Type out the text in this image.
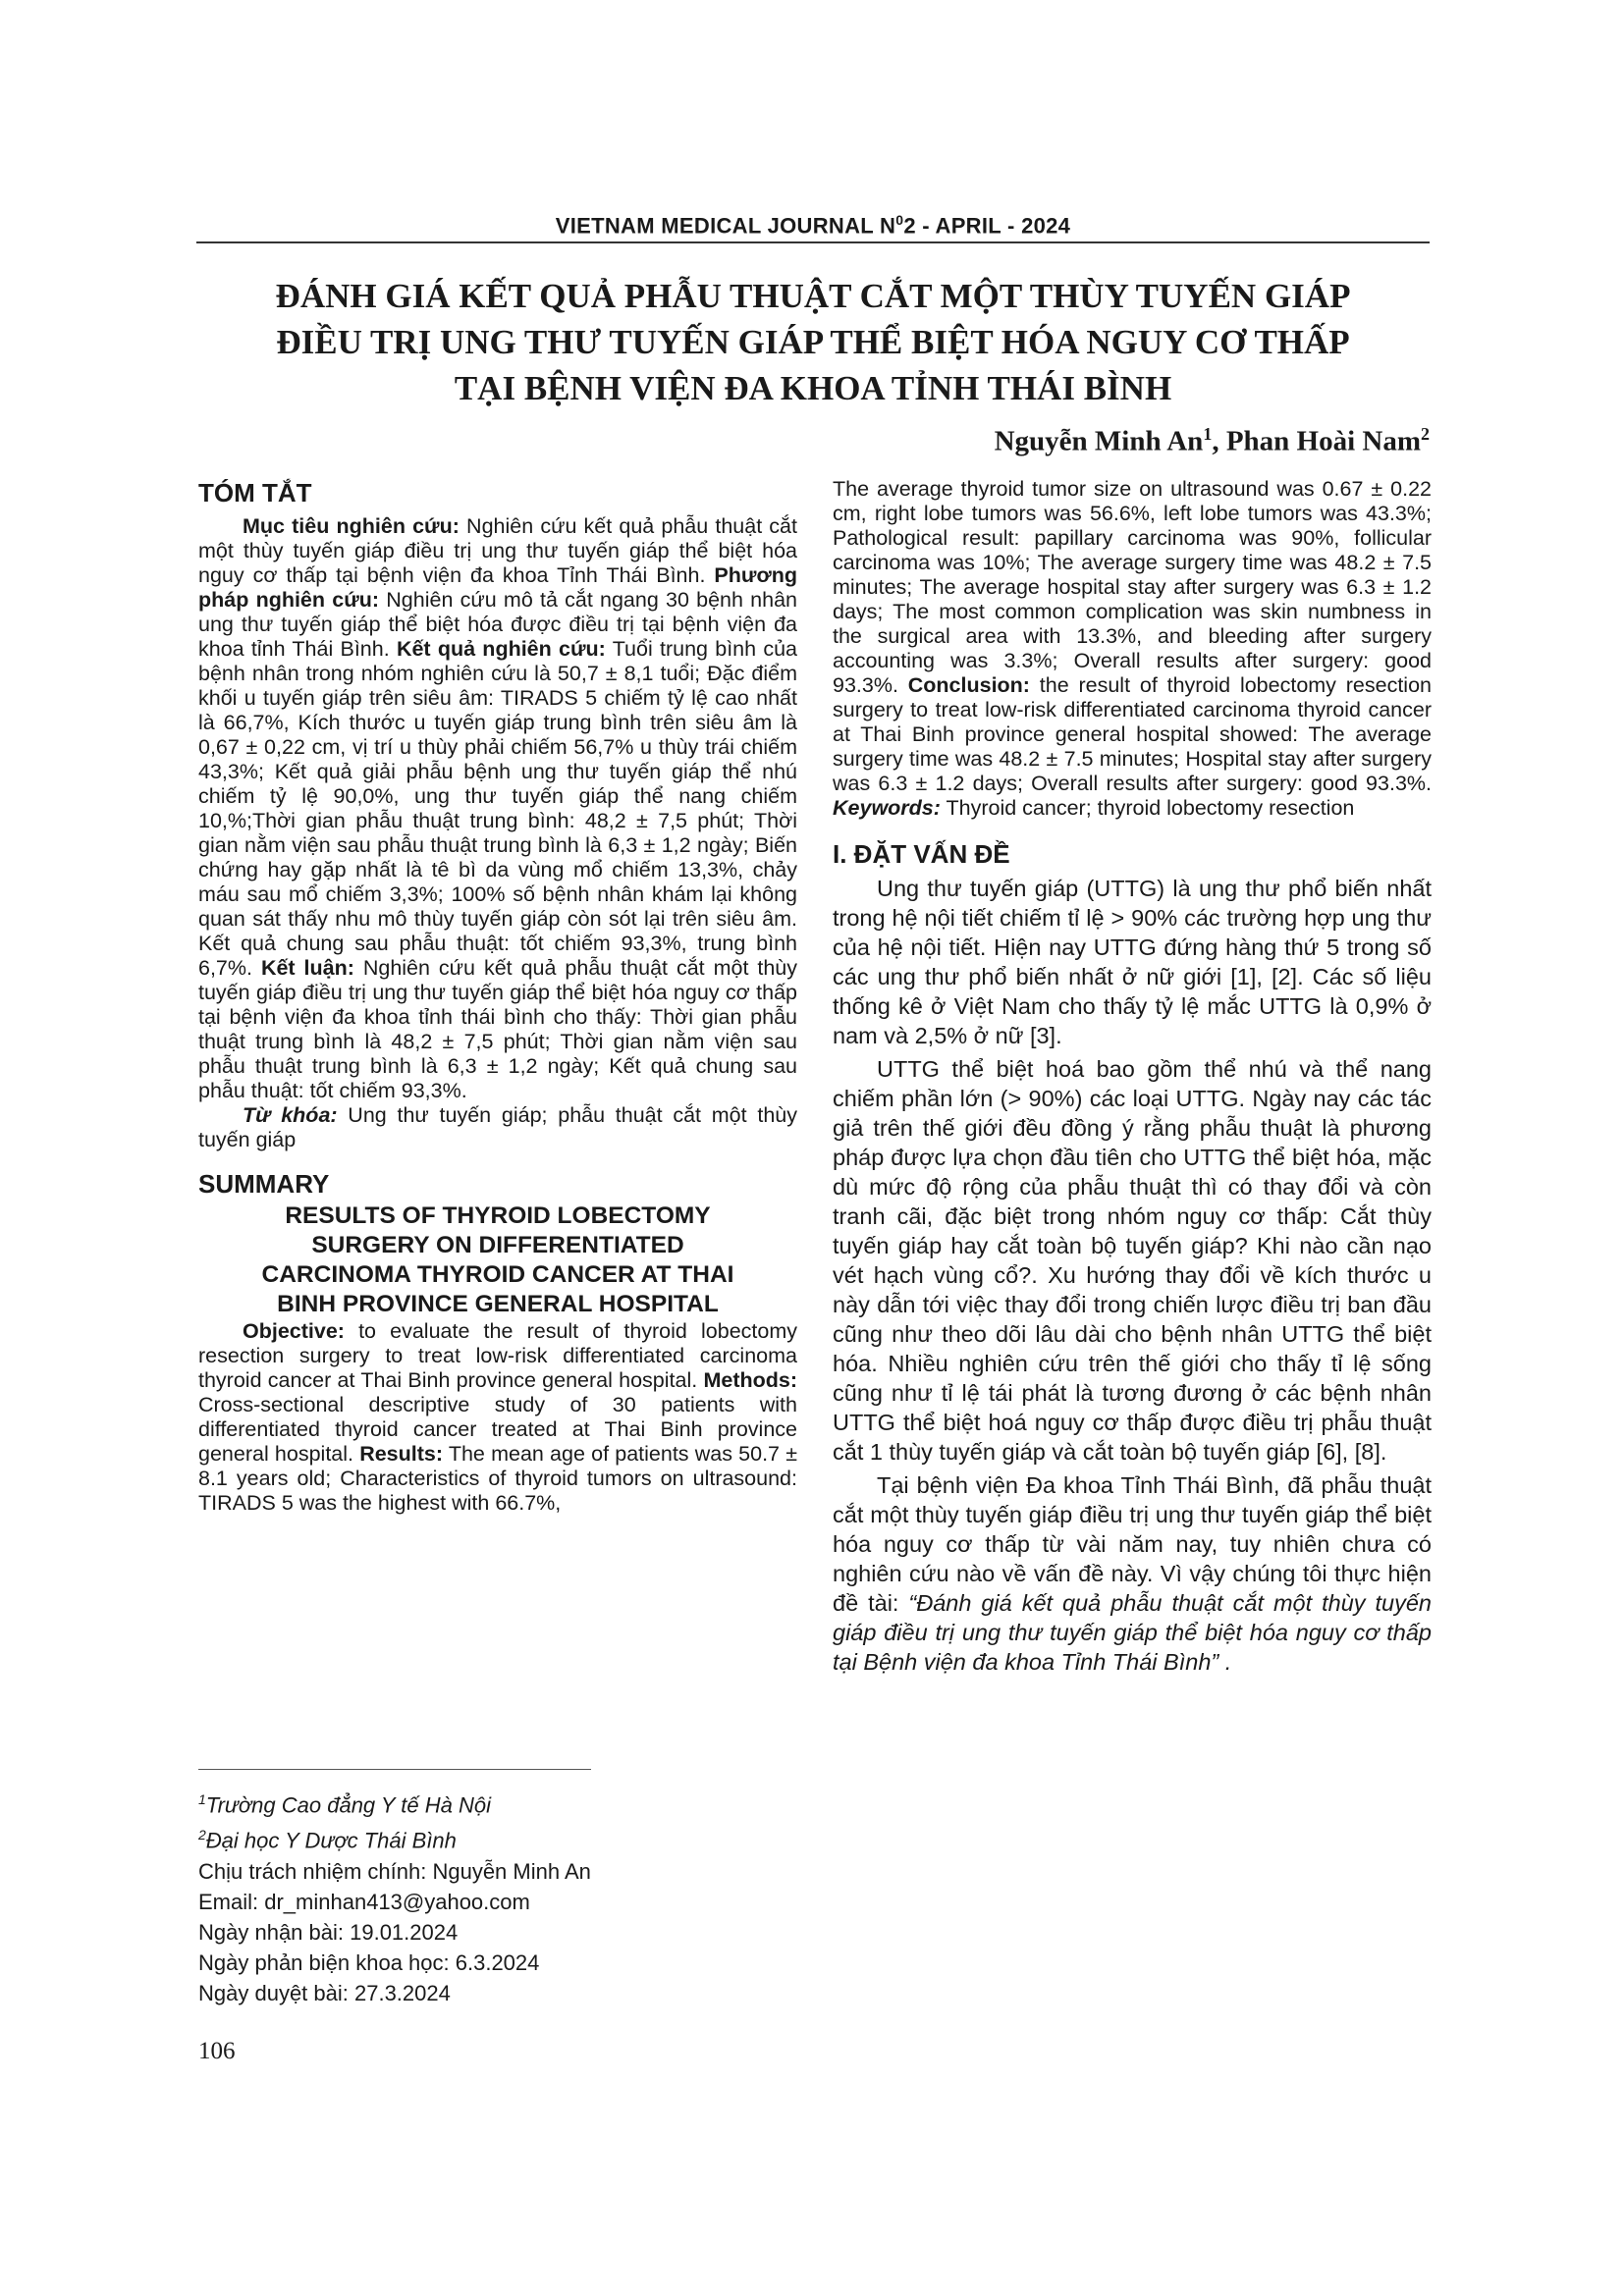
VIETNAM MEDICAL JOURNAL $N^02$ - APRIL - 2024
ĐÁNH GIÁ KẾT QUẢ PHẪU THUẬT CẮT MỘT THÙY TUYẾN GIÁP
ĐIỀU TRỊ UNG THƯ TUYẾN GIÁP THỂ BIỆT HÓA NGUY CƠ THẤP
TẠI BỆNH VIỆN ĐA KHOA TỈNH THÁI BÌNH
Nguyễn Minh An$^1$, Phan Hoài Nam$^2$
TÓM TẮT

Mục tiêu nghiên cứu: Nghiên cứu kết quả phẫu thuật cắt một thùy tuyến giáp điều trị ung thư tuyến giáp thể biệt hóa nguy cơ thấp tại bệnh viện đa khoa Tỉnh Thái Bình. Phương pháp nghiên cứu: Nghiên cứu mô tả cắt ngang 30 bệnh nhân ung thư tuyến giáp thể biệt hóa được điều trị tại bệnh viện đa khoa tỉnh Thái Bình. Kết quả nghiên cứu: Tuổi trung bình của bệnh nhân trong nhóm nghiên cứu là 50,7 ± 8,1 tuổi; Đặc điểm khối u tuyến giáp trên siêu âm: TIRADS 5 chiếm tỷ lệ cao nhất là 66,7%, Kích thước u tuyến giáp trung bình trên siêu âm là 0,67 ± 0,22 cm, vị trí u thùy phải chiếm 56,7% u thùy trái chiếm 43,3%; Kết quả giải phẫu bệnh ung thư tuyến giáp thể nhú chiếm tỷ lệ 90,0%, ung thư tuyến giáp thể nang chiếm 10,%;Thời gian phẫu thuật trung bình: 48,2 ± 7,5 phút; Thời gian nằm viện sau phẫu thuật trung bình là 6,3 ± 1,2 ngày; Biến chứng hay gặp nhất là tê bì da vùng mổ chiếm 13,3%, chảy máu sau mổ chiếm 3,3%; 100% số bệnh nhân khám lại không quan sát thấy nhu mô thùy tuyến giáp còn sót lại trên siêu âm. Kết quả chung sau phẫu thuật: tốt chiếm 93,3%, trung bình 6,7%. Kết luận: Nghiên cứu kết quả phẫu thuật cắt một thùy tuyến giáp điều trị ung thư tuyến giáp thể biệt hóa nguy cơ thấp tại bệnh viện đa khoa tỉnh thái bình cho thấy: Thời gian phẫu thuật trung bình là 48,2 ± 7,5 phút; Thời gian nằm viện sau phẫu thuật trung bình là 6,3 ± 1,2 ngày; Kết quả chung sau phẫu thuật: tốt chiếm 93,3%.

Từ khóa: Ung thư tuyến giáp; phẫu thuật cắt một thùy tuyến giáp

SUMMARY
RESULTS OF THYROID LOBECTOMY
SURGERY ON DIFFERENTIATED
CARCINOMA THYROID CANCER AT THAI
BINH PROVINCE GENERAL HOSPITAL

Objective: to evaluate the result of thyroid lobectomy resection surgery to treat low-risk differentiated carcinoma thyroid cancer at Thai Binh province general hospital. Methods: Cross-sectional descriptive study of 30 patients with differentiated thyroid cancer treated at Thai Binh province general hospital. Results: The mean age of patients was 50.7 ± 8.1 years old; Characteristics of thyroid tumors on ultrasound: TIRADS 5 was the highest with 66.7%,

$^1$Trường Cao đẳng Y tế Hà Nội
$^2$Đại học Y Dược Thái Bình
Chịu trách nhiệm chính: Nguyễn Minh An
Email: dr_minhan413@yahoo.com
Ngày nhận bài: 19.01.2024
Ngày phản biện khoa học: 6.3.2024
Ngày duyệt bài: 27.3.2024
106

The average thyroid tumor size on ultrasound was 0.67 ± 0.22 cm, right lobe tumors was 56.6%, left lobe tumors was 43.3%; Pathological result: papillary carcinoma was 90%, follicular carcinoma was 10%; The average surgery time was 48.2 ± 7.5 minutes; The average hospital stay after surgery was 6.3 ± 1.2 days; The most common complication was skin numbness in the surgical area with 13.3%, and bleeding after surgery accounting was 3.3%; Overall results after surgery: good 93.3%. Conclusion: the result of thyroid lobectomy resection surgery to treat low-risk differentiated carcinoma thyroid cancer at Thai Binh province general hospital showed: The average surgery time was 48.2 ± 7.5 minutes; Hospital stay after surgery was 6.3 ± 1.2 days; Overall results after surgery: good 93.3%. Keywords: Thyroid cancer; thyroid lobectomy resection

I. ĐẶT VẤN ĐỀ

Ung thư tuyến giáp (UTTG) là ung thư phổ biến nhất trong hệ nội tiết chiếm tỉ lệ > 90% các trường hợp ung thư của hệ nội tiết. Hiện nay UTTG đứng hàng thứ 5 trong số các ung thư phổ biến nhất ở nữ giới [1], [2]. Các số liệu thống kê ở Việt Nam cho thấy tỷ lệ mắc UTTG là 0,9% ở nam và 2,5% ở nữ [3].

UTTG thể biệt hoá bao gồm thể nhú và thể nang chiếm phần lớn (> 90%) các loại UTTG. Ngày nay các tác giả trên thế giới đều đồng ý rằng phẫu thuật là phương pháp được lựa chọn đầu tiên cho UTTG thể biệt hóa, mặc dù mức độ rộng của phẫu thuật thì có thay đổi và còn tranh cãi, đặc biệt trong nhóm nguy cơ thấp: Cắt thùy tuyến giáp hay cắt toàn bộ tuyến giáp? Khi nào cần nạo vét hạch vùng cổ?. Xu hướng thay đổi về kích thước u này dẫn tới việc thay đổi trong chiến lược điều trị ban đầu cũng như theo dõi lâu dài cho bệnh nhân UTTG thể biệt hóa. Nhiều nghiên cứu trên thế giới cho thấy tỉ lệ sống cũng như tỉ lệ tái phát là tương đương ở các bệnh nhân UTTG thể biệt hoá nguy cơ thấp được điều trị phẫu thuật cắt 1 thùy tuyến giáp và cắt toàn bộ tuyến giáp [6], [8].

Tại bệnh viện Đa khoa Tỉnh Thái Bình, đã phẫu thuật cắt một thùy tuyến giáp điều trị ung thư tuyến giáp thể biệt hóa nguy cơ thấp từ vài năm nay, tuy nhiên chưa có nghiên cứu nào về vấn đề này. Vì vậy chúng tôi thực hiện đề tài: “Đánh giá kết quả phẫu thuật cắt một thùy tuyến giáp điều trị ung thư tuyến giáp thể biệt hóa nguy cơ thấp tại Bệnh viện đa khoa Tỉnh Thái Bình” .
